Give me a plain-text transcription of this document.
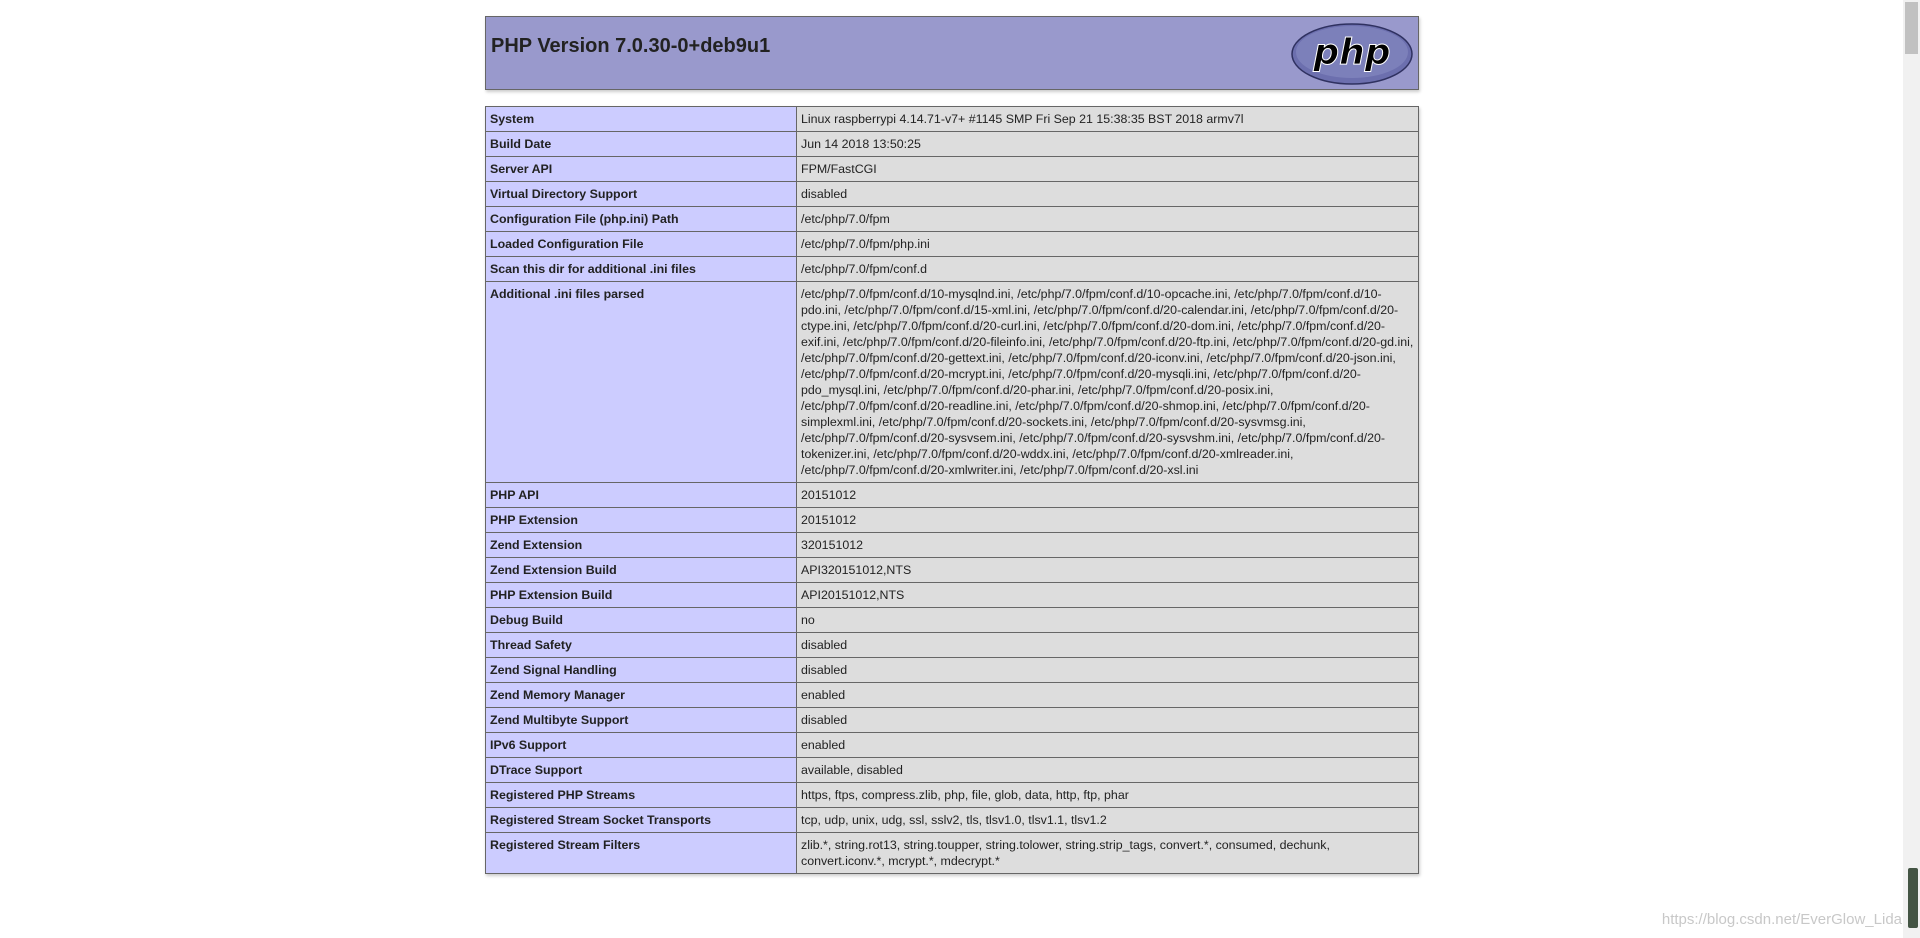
PHP Version 7.0.30-0+deb9u1	php
System	Linux raspberrypi 4.14.71-v7+ #1145 SMP Fri Sep 21 15:38:35 BST 2018 armv7l
Build Date	Jun 14 2018 13:50:25
Server API	FPM/FastCGI
Virtual Directory Support	disabled
Configuration File (php.ini) Path	/etc/php/7.0/fpm
Loaded Configuration File	/etc/php/7.0/fpm/php.ini
Scan this dir for additional .ini files	/etc/php/7.0/fpm/conf.d
Additional .ini files parsed	/etc/php/7.0/fpm/conf.d/10-mysqlnd.ini, /etc/php/7.0/fpm/conf.d/10-opcache.ini, /etc/php/7.0/fpm/conf.d/10-pdo.ini, /etc/php/7.0/fpm/conf.d/15-xml.ini, /etc/php/7.0/fpm/conf.d/20-calendar.ini, /etc/php/7.0/fpm/conf.d/20-ctype.ini, /etc/php/7.0/fpm/conf.d/20-curl.ini, /etc/php/7.0/fpm/conf.d/20-dom.ini, /etc/php/7.0/fpm/conf.d/20-exif.ini, /etc/php/7.0/fpm/conf.d/20-fileinfo.ini, /etc/php/7.0/fpm/conf.d/20-ftp.ini, /etc/php/7.0/fpm/conf.d/20-gd.ini, /etc/php/7.0/fpm/conf.d/20-gettext.ini, /etc/php/7.0/fpm/conf.d/20-iconv.ini, /etc/php/7.0/fpm/conf.d/20-json.ini, /etc/php/7.0/fpm/conf.d/20-mcrypt.ini, /etc/php/7.0/fpm/conf.d/20-mysqli.ini, /etc/php/7.0/fpm/conf.d/20-pdo_mysql.ini, /etc/php/7.0/fpm/conf.d/20-phar.ini, /etc/php/7.0/fpm/conf.d/20-posix.ini, /etc/php/7.0/fpm/conf.d/20-readline.ini, /etc/php/7.0/fpm/conf.d/20-shmop.ini, /etc/php/7.0/fpm/conf.d/20-simplexml.ini, /etc/php/7.0/fpm/conf.d/20-sockets.ini, /etc/php/7.0/fpm/conf.d/20-sysvmsg.ini, /etc/php/7.0/fpm/conf.d/20-sysvsem.ini, /etc/php/7.0/fpm/conf.d/20-sysvshm.ini, /etc/php/7.0/fpm/conf.d/20-tokenizer.ini, /etc/php/7.0/fpm/conf.d/20-wddx.ini, /etc/php/7.0/fpm/conf.d/20-xmlreader.ini, /etc/php/7.0/fpm/conf.d/20-xmlwriter.ini, /etc/php/7.0/fpm/conf.d/20-xsl.ini
PHP API	20151012
PHP Extension	20151012
Zend Extension	320151012
Zend Extension Build	API320151012,NTS
PHP Extension Build	API20151012,NTS
Debug Build	no
Thread Safety	disabled
Zend Signal Handling	disabled
Zend Memory Manager	enabled
Zend Multibyte Support	disabled
IPv6 Support	enabled
DTrace Support	available, disabled
Registered PHP Streams	https, ftps, compress.zlib, php, file, glob, data, http, ftp, phar
Registered Stream Socket Transports	tcp, udp, unix, udg, ssl, sslv2, tls, tlsv1.0, tlsv1.1, tlsv1.2
Registered Stream Filters	zlib.*, string.rot13, string.toupper, string.tolower, string.strip_tags, convert.*, consumed, dechunk, convert.iconv.*, mcrypt.*, mdecrypt.*
https://blog.csdn.net/EverGlow_Lida
